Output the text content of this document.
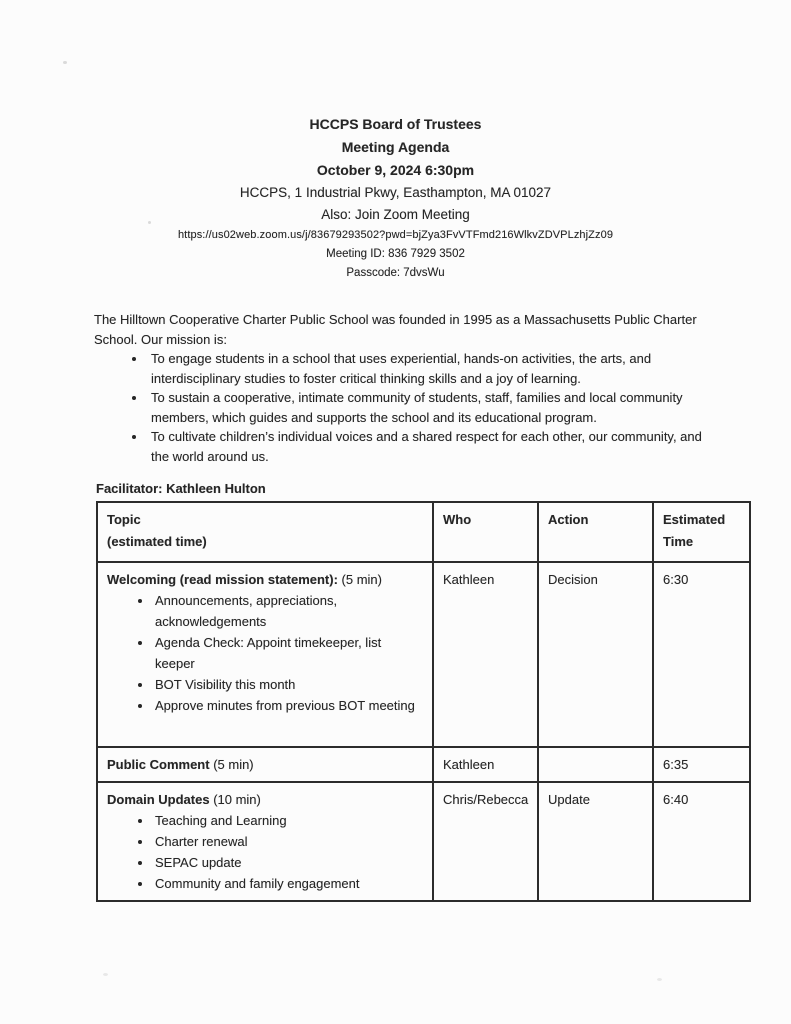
HCCPS Board of Trustees
Meeting Agenda
October 9, 2024 6:30pm
HCCPS, 1 Industrial Pkwy, Easthampton, MA 01027
Also: Join Zoom Meeting
https://us02web.zoom.us/j/83679293502?pwd=bjZya3FvVTFmd216WlkvZDVPLzhjZz09
Meeting ID: 836 7929 3502
Passcode: 7dvsWu

The Hilltown Cooperative Charter Public School was founded in 1995 as a Massachusetts Public Charter School. Our mission is:

• To engage students in a school that uses experiential, hands-on activities, the arts, and interdisciplinary studies to foster critical thinking skills and a joy of learning.
• To sustain a cooperative, intimate community of students, staff, families and local community members, which guides and supports the school and its educational program.
• To cultivate children’s individual voices and a shared respect for each other, our community, and the world around us.
Facilitator: Kathleen Hulton
Topic
(estimated time)	Who	Action	Estimated Time

Welcoming (read mission statement): (5 min)

• Announcements, appreciations, acknowledgements
• Agenda Check: Appoint timekeeper, list keeper
• BOT Visibility this month
• Approve minutes from previous BOT meeting
	Kathleen	Decision	6:30

Public Comment (5 min)	Kathleen		6:35

Domain Updates (10 min)

• Teaching and Learning
• Charter renewal
• SEPAC update
• Community and family engagement
	Chris/Rebecca	Update	6:40
